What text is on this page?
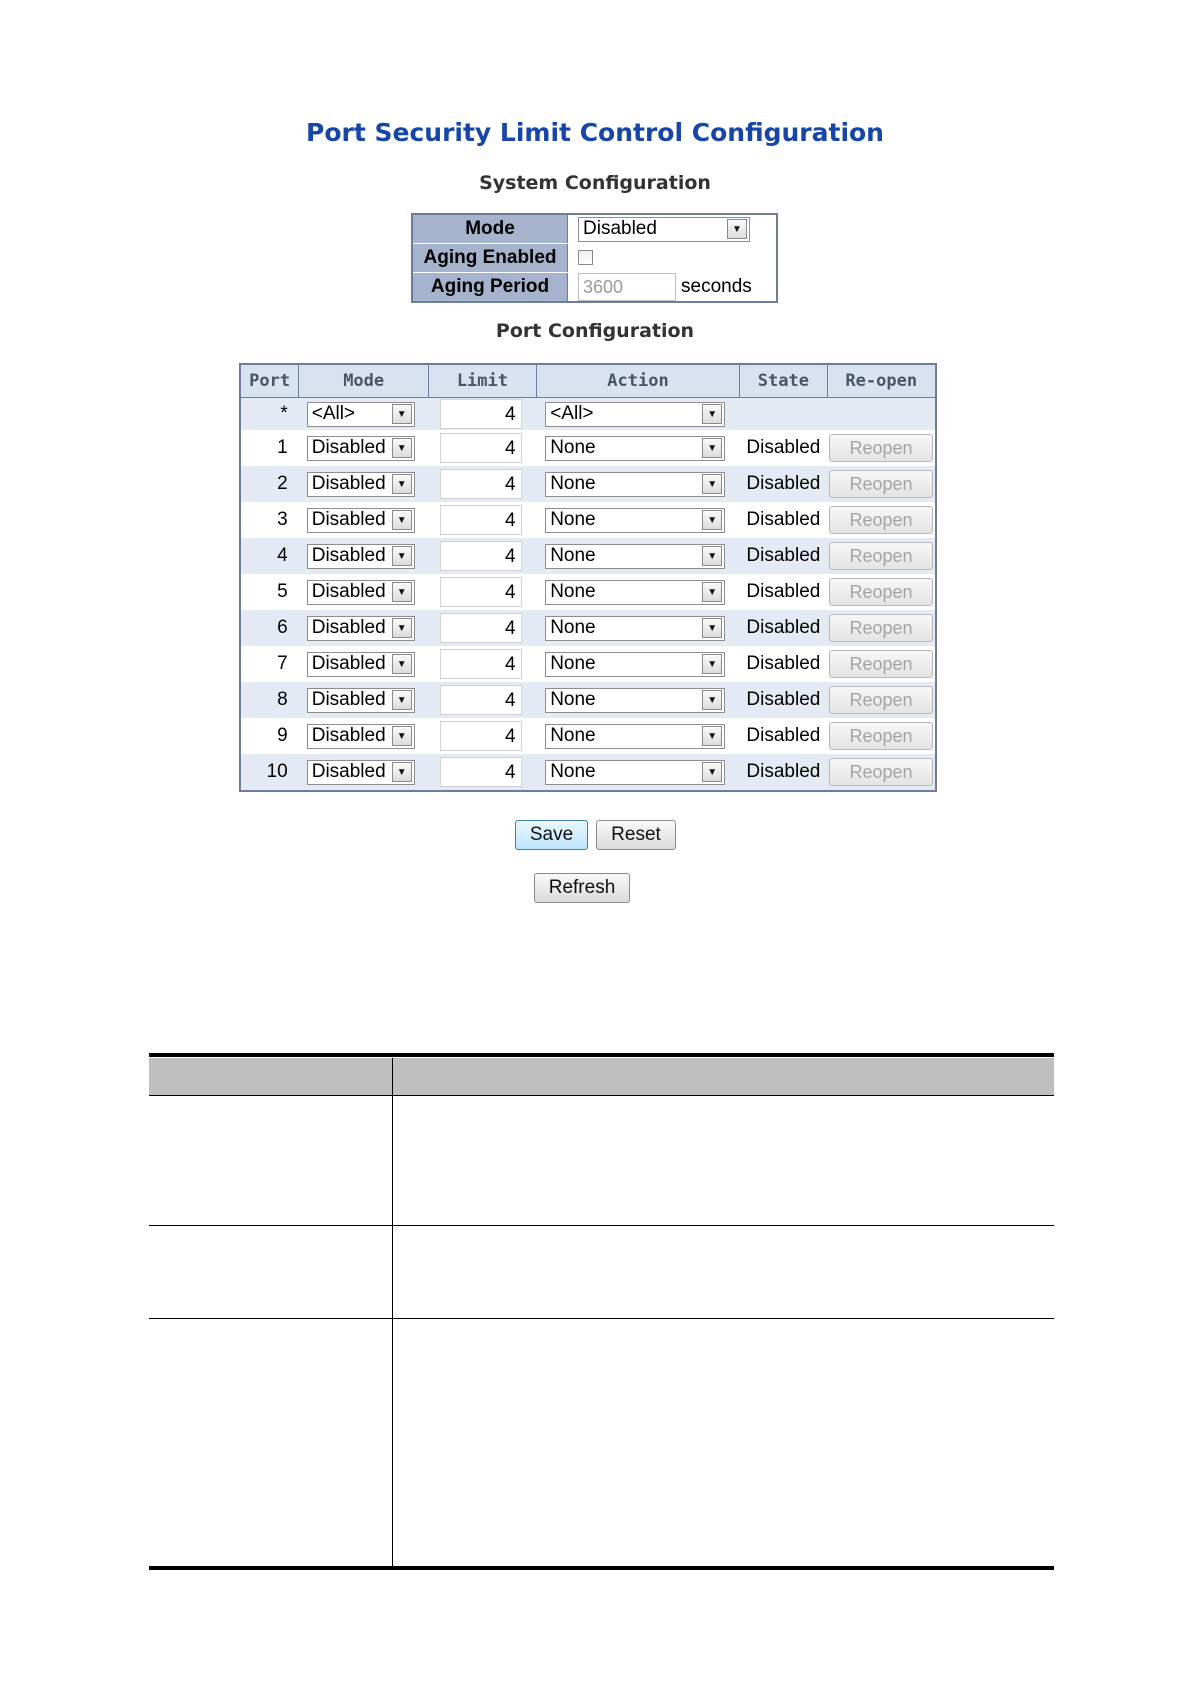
Port Security Limit Control Configuration
System Configuration
Mode	Disabled ▼

Aging Enabled	
Aging Period	3600 seconds
Port Configuration
Port	Mode	Limit	Action	State	Re-open
*	<All> ▼	4	<All> ▼		

1	Disabled ▼	4	None ▼	Disabled	Reopen
2	Disabled ▼	4	None ▼	Disabled	Reopen
3	Disabled ▼	4	None ▼	Disabled	Reopen
4	Disabled ▼	4	None ▼	Disabled	Reopen
5	Disabled ▼	4	None ▼	Disabled	Reopen
6	Disabled ▼	4	None ▼	Disabled	Reopen
7	Disabled ▼	4	None ▼	Disabled	Reopen
8	Disabled ▼	4	None ▼	Disabled	Reopen
9	Disabled ▼	4	None ▼	Disabled	Reopen
10	Disabled ▼	4	None ▼	Disabled	Reopen
Save	Reset
Refresh
